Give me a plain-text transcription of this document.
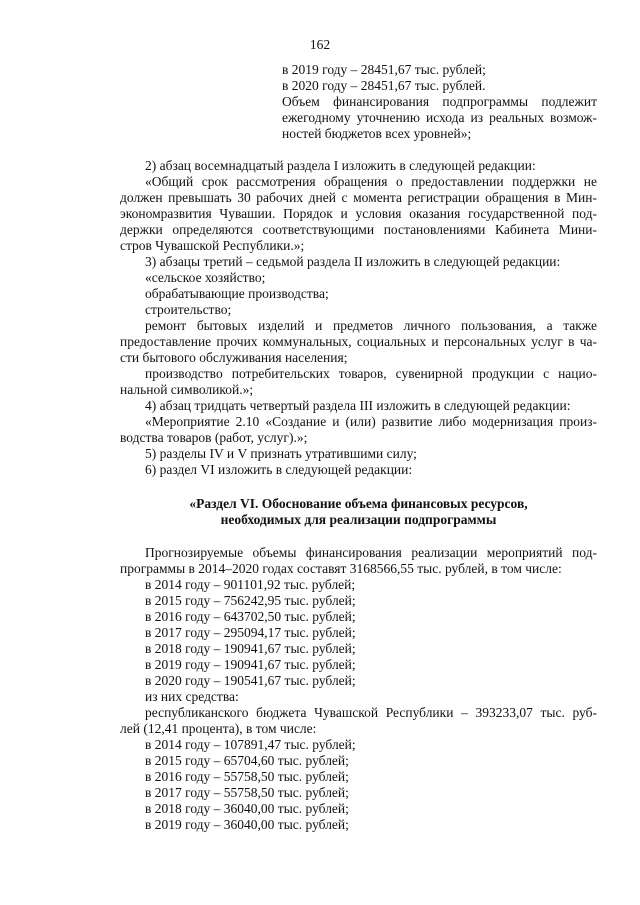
162
в 2019 году – 28451,67 тыс. рублей;
в 2020 году – 28451,67 тыс. рублей.
Объем финансирования подпрограммы подлежит
ежегодному уточнению исхода из реальных возмож-
ностей бюджетов всех уровней»;
2) абзац восемнадцатый раздела I изложить в следующей редакции:
«Общий срок рассмотрения обращения о предоставлении поддержки не
должен превышать 30 рабочих дней с момента регистрации обращения в Мин-
экономразвития Чувашии. Порядок и условия оказания государственной под-
держки определяются соответствующими постановлениями Кабинета Мини-
стров Чувашской Республики.»;
3) абзацы третий – седьмой раздела II изложить в следующей редакции:
«сельское хозяйство;
обрабатывающие производства;
строительство;
ремонт бытовых изделий и предметов личного пользования, а также
предоставление прочих коммунальных, социальных и персональных услуг в ча-
сти бытового обслуживания населения;
производство потребительских товаров, сувенирной продукции с нацио-
нальной символикой.»;
4) абзац тридцать четвертый раздела III изложить в следующей редакции:
«Мероприятие 2.10 «Создание и (или) развитие либо модернизация произ-
водства товаров (работ, услуг).»;
5) разделы IV и V признать утратившими силу;
6) раздел VI изложить в следующей редакции:
«Раздел VI. Обоснование объема финансовых ресурсов,
необходимых для реализации подпрограммы
Прогнозируемые объемы финансирования реализации мероприятий под-
программы в 2014–2020 годах составят 3168566,55 тыс. рублей, в том числе:
в 2014 году – 901101,92 тыс. рублей;
в 2015 году – 756242,95 тыс. рублей;
в 2016 году – 643702,50 тыс. рублей;
в 2017 году – 295094,17 тыс. рублей;
в 2018 году – 190941,67 тыс. рублей;
в 2019 году – 190941,67 тыс. рублей;
в 2020 году – 190541,67 тыс. рублей;
из них средства:
республиканского бюджета Чувашской Республики – 393233,07 тыс. руб-
лей (12,41 процента), в том числе:
в 2014 году – 107891,47 тыс. рублей;
в 2015 году – 65704,60 тыс. рублей;
в 2016 году – 55758,50 тыс. рублей;
в 2017 году – 55758,50 тыс. рублей;
в 2018 году – 36040,00 тыс. рублей;
в 2019 году – 36040,00 тыс. рублей;
